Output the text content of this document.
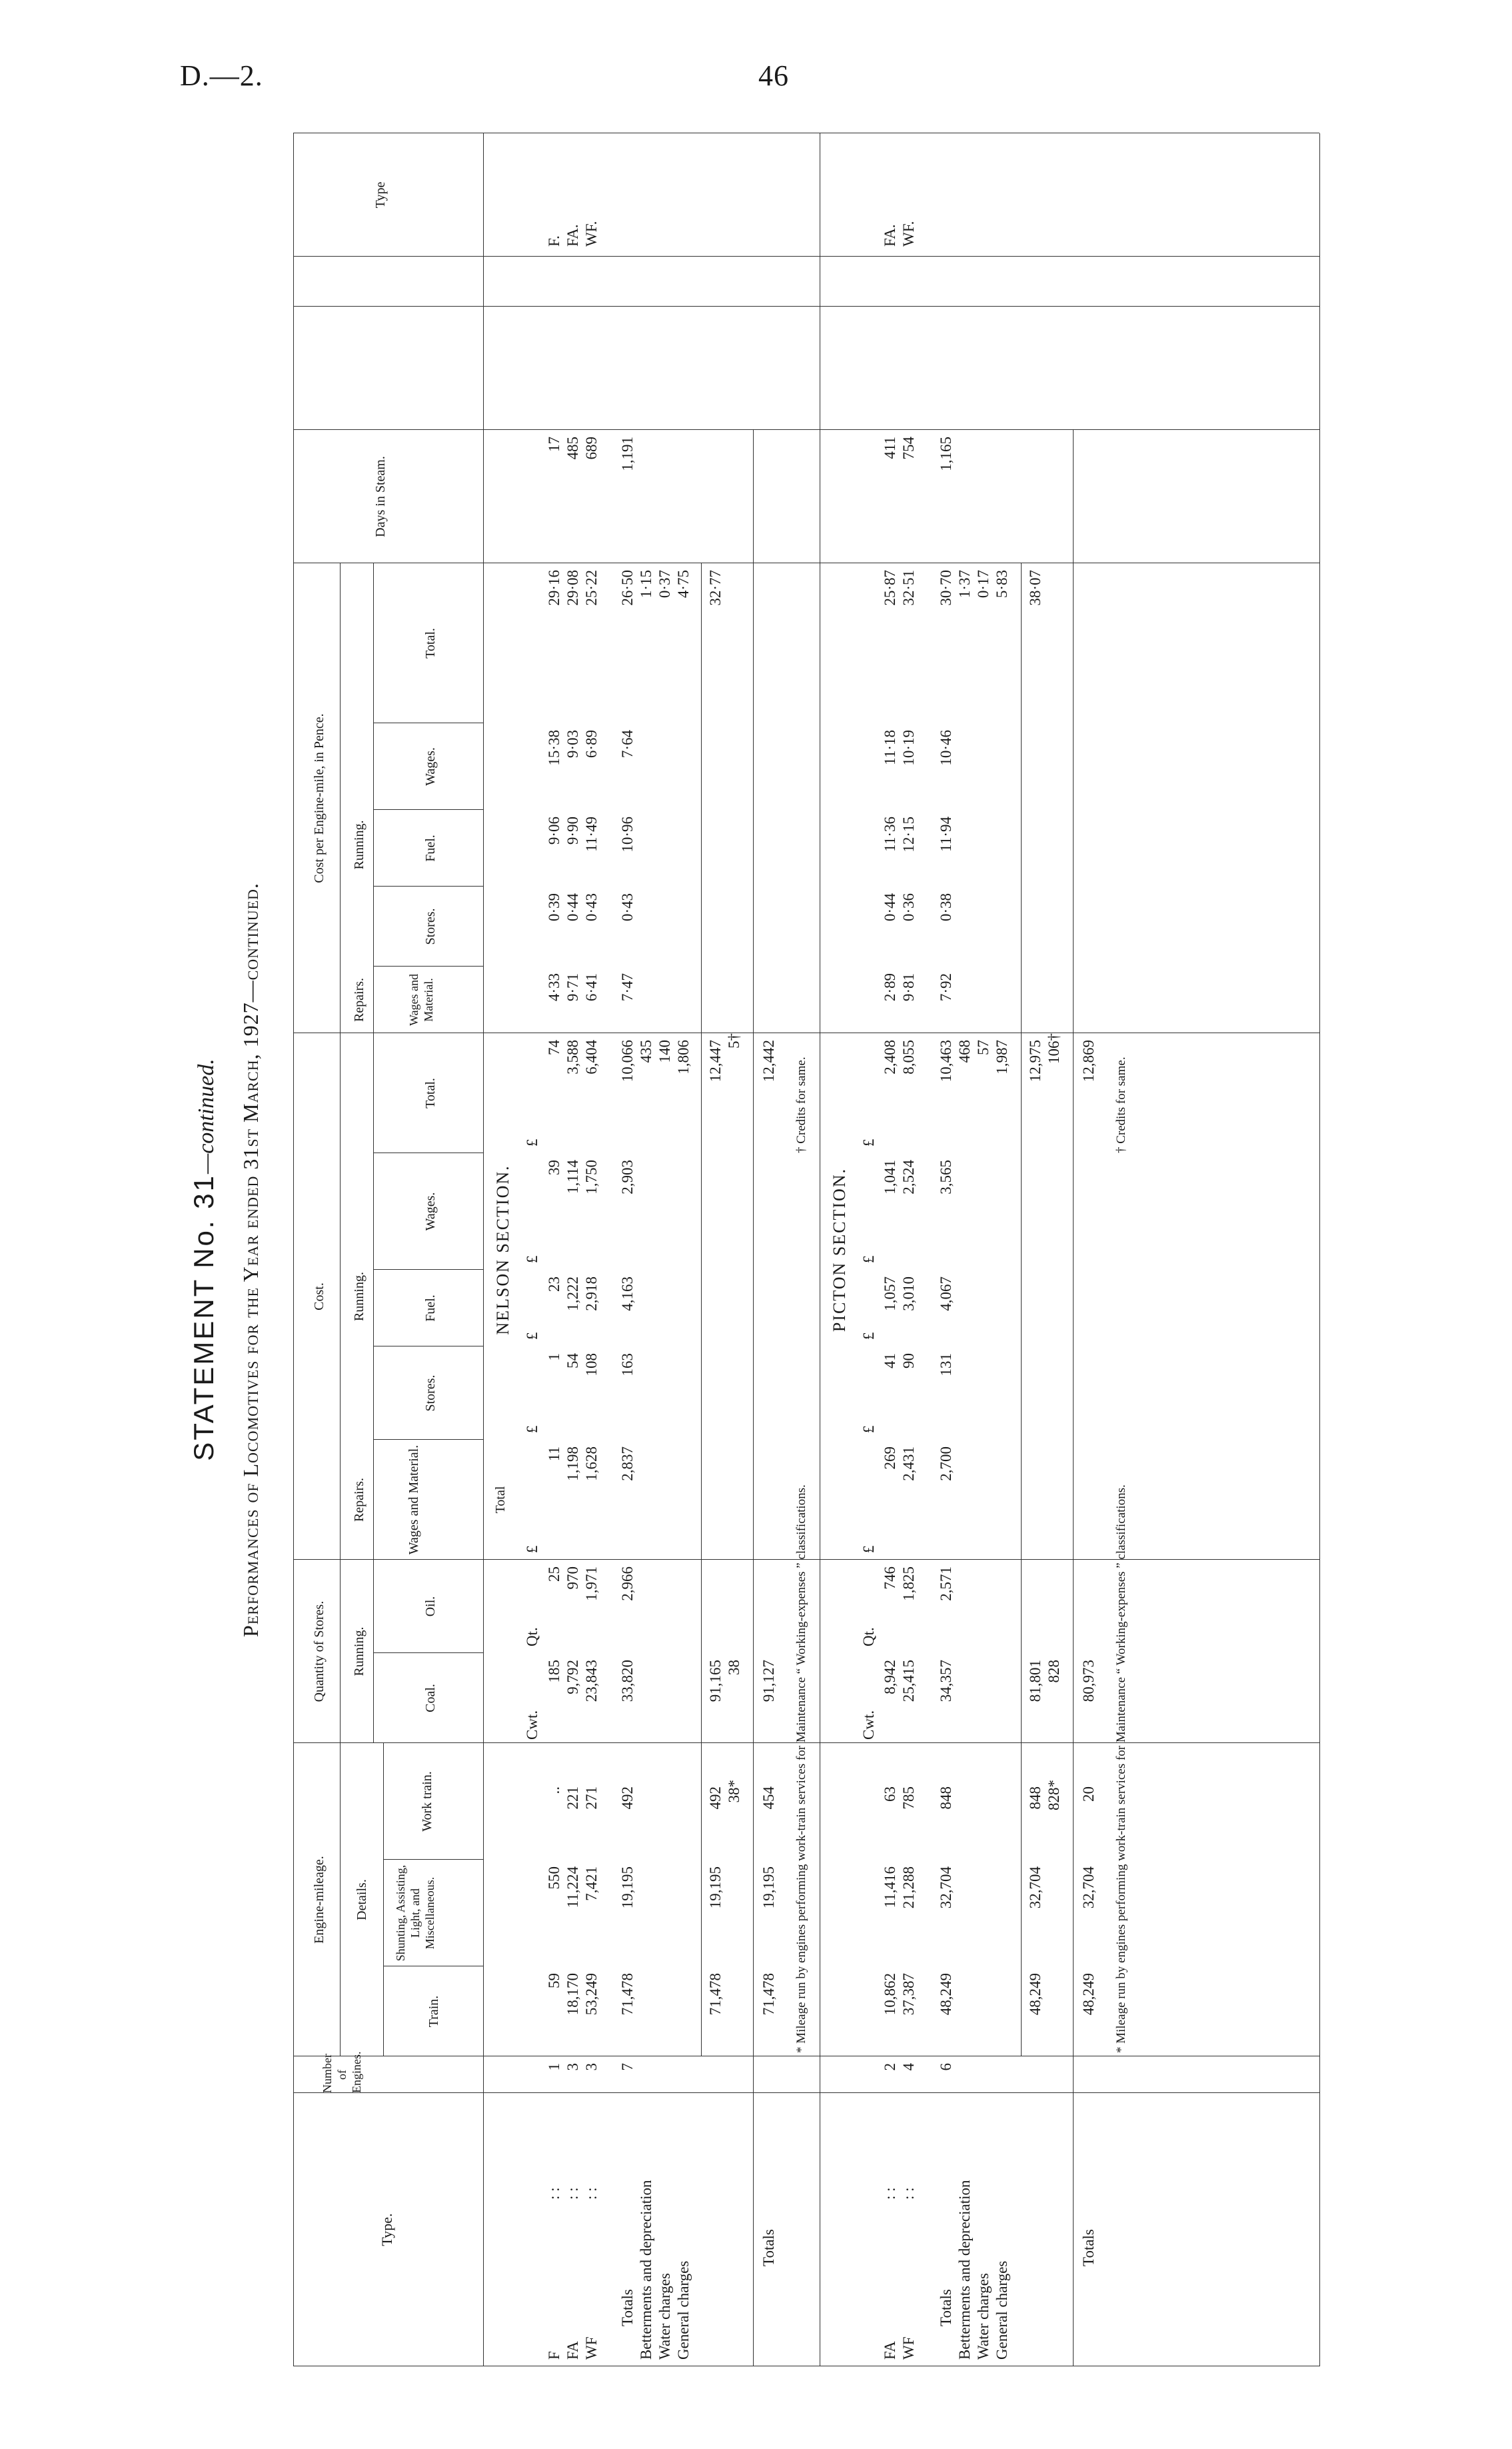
D.—2.	46
STATEMENT No. 31—continued. Performances of Locomotives for the Year ended 31st March, 1927—continued.
Type.
Number of Engines.
Engine-mileage. Details.
Train.
Shunting, Assisting, Light, and Miscellaneous.
Work train.
Coal.
Oil.
Quantity of Stores. Running.
Cost.
Repairs.
Running.
Wages and Material.
Stores.
Fuel.
Wages.
Total.
Cost per Engine-mile, in Pence.
Repairs.
Running.
Wages and Material.
Stores.
Fuel.
Wages.
Total.
Days in Steam.
Type
Total
NELSON SECTION.
Cwt.
Qt.
£
£
£
£
£
F
: :
1
59
550
..
185
25
11
1
23
39
74
4·33
0·39
9·06
15·38
29·16
17
F.
FA
: :
3
18,170
11,224
221
9,792
970
1,198
54
1,222
1,114
3,588
9·71
0·44
9·90
9·03
29·08
485
FA.
WF
: :
3
53,249
7,421
271
23,843
1,971
1,628
108
2,918
1,750
6,404
6·41
0·43
11·49
6·89
25·22
689
WF.
Totals
7
71,478
19,195
492
33,820
2,966
2,837
163
4,163
2,903
10,066
7·47
0·43
10·96
7·64
26·50
1,191
Betterments and depreciation
435
1·15
Water charges
140
0·37
General charges
1,806
4·75
71,478
19,195
492 38*
91,165 38
12,447 5†
32·77
Totals
71,478
19,195
454
91,127
12,442
* Mileage run by engines performing work-train services for Maintenance “ Working-expenses ” classifications.
† Credits for same.
PICTON SECTION.
Cwt.
Qt.
£
£
£
£
£
FA
: :
2
10,862
11,416
63
8,942
746
269
41
1,057
1,041
2,408
2·89
0·44
11·36
11·18
25·87
411
FA.
WF
: :
4
37,387
21,288
785
25,415
1,825
2,431
90
3,010
2,524
8,055
9·81
0·36
12·15
10·19
32·51
754
WF.
Totals
6
48,249
32,704
848
34,357
2,571
2,700
131
4,067
3,565
10,463
7·92
0·38
11·94
10·46
30·70
1,165
Betterments and depreciation
468
1·37
Water charges
57
0·17
General charges
1,987
5·83
48,249
32,704
848 828*
81,801 828
12,975 106†
38·07
Totals
48,249
32,704
20
80,973
12,869
* Mileage run by engines performing work-train services for Maintenance “ Working-expenses ” classifications.
† Credits for same.
